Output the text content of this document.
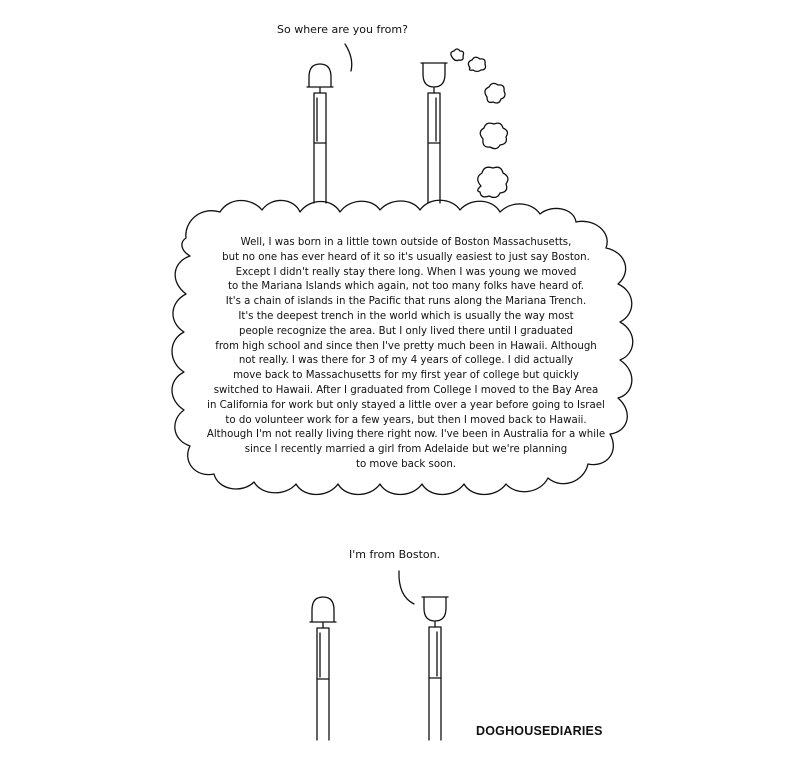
So where are you from?
Well, I was born in a little town outside of Boston Massachusetts,
but no one has ever heard of it so it's usually easiest to just say Boston.
Except I didn't really stay there long. When I was young we moved
to the Mariana Islands which again, not too many folks have heard of.
It's a chain of islands in the Pacific that runs along the Mariana Trench.
It's the deepest trench in the world which is usually the way most
people recognize the area. But I only lived there until I graduated
from high school and since then I've pretty much been in Hawaii. Although
not really. I was there for 3 of my 4 years of college. I did actually
move back to Massachusetts for my first year of college but quickly
switched to Hawaii. After I graduated from College I moved to the Bay Area
in California for work but only stayed a little over a year before going to Israel
to do volunteer work for a few years, but then I moved back to Hawaii.
Although I'm not really living there right now. I've been in Australia for a while
since I recently married a girl from Adelaide but we're planning
to move back soon.
I'm from Boston.
DOGHOUSEDIARIES
